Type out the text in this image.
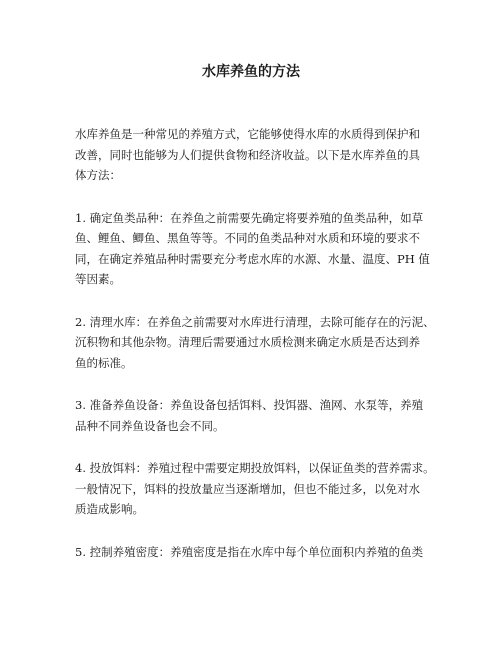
水库养鱼的方法
水库养鱼是一种常见的养殖方式，它能够使得水库的水质得到保护和
改善，同时也能够为人们提供食物和经济收益。以下是水库养鱼的具
体方法：
1. 确定鱼类品种：在养鱼之前需要先确定将要养殖的鱼类品种，如草
鱼、鲤鱼、鲫鱼、黑鱼等等。不同的鱼类品种对水质和环境的要求不
同，在确定养殖品种时需要充分考虑水库的水源、水量、温度、PH 值
等因素。
2. 清理水库：在养鱼之前需要对水库进行清理，去除可能存在的污泥、
沉积物和其他杂物。清理后需要通过水质检测来确定水质是否达到养
鱼的标准。
3. 准备养鱼设备：养鱼设备包括饵料、投饵器、渔网、水泵等，养殖
品种不同养鱼设备也会不同。
4. 投放饵料：养殖过程中需要定期投放饵料，以保证鱼类的营养需求。
一般情况下，饵料的投放量应当逐渐增加，但也不能过多，以免对水
质造成影响。
5. 控制养殖密度：养殖密度是指在水库中每个单位面积内养殖的鱼类
